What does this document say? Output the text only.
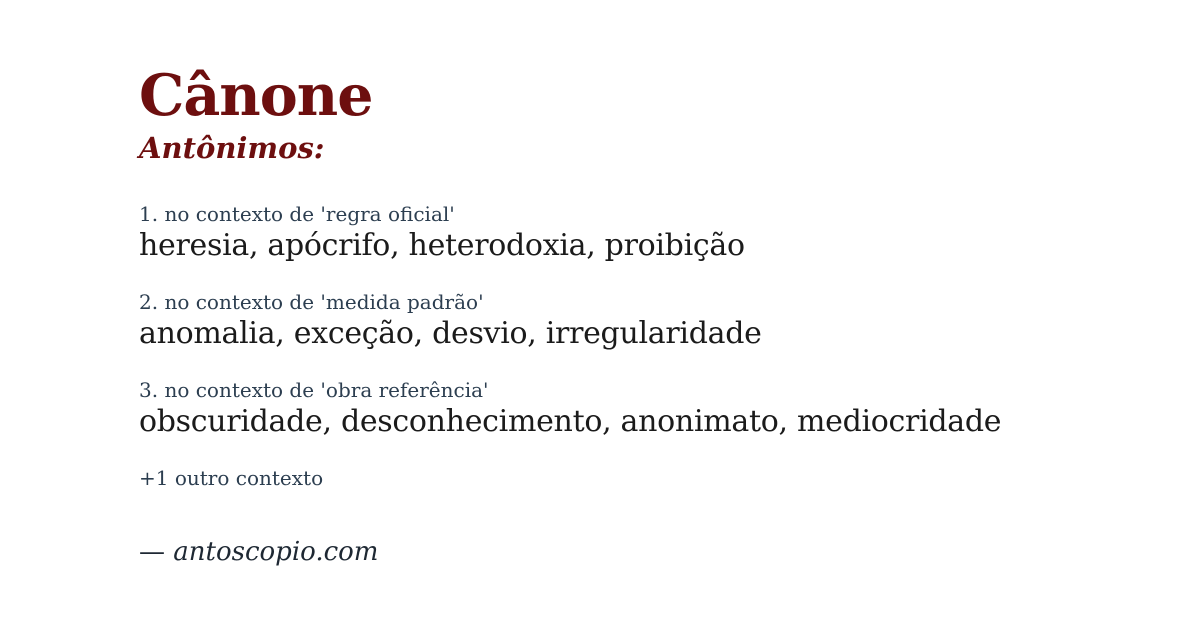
Cânone
Antônimos:
1. no contexto de 'regra oficial'
heresia, apócrifo, heterodoxia, proibição
2. no contexto de 'medida padrão'
anomalia, exceção, desvio, irregularidade
3. no contexto de 'obra referência'
obscuridade, desconhecimento, anonimato, mediocridade
+1 outro contexto
— antoscopio.com
